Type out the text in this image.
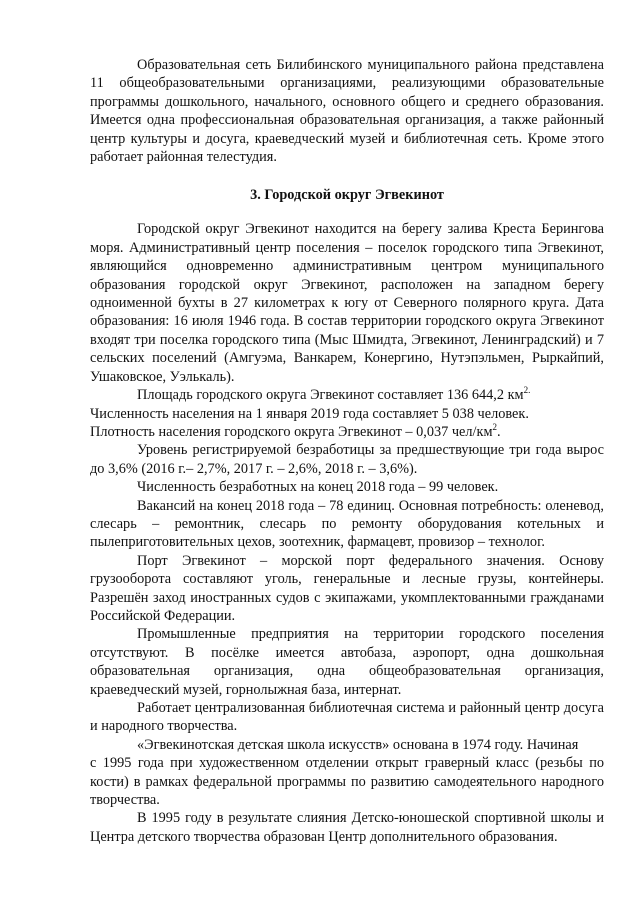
Образовательная сеть Билибинского муниципального района представлена 11 общеобразовательными организациями, реализующими образовательные программы дошкольного, начального, основного общего и среднего образования. Имеется одна профессиональная образовательная организация, а также районный центр культуры и досуга, краеведческий музей и библиотечная сеть. Кроме этого работает районная телестудия.

3. Городской округ Эгвекинот

Городской округ Эгвекинот находится на берегу залива Креста Берингова моря. Административный центр поселения – поселок городского типа Эгвекинот, являющийся одновременно административным центром муниципального образования городской округ Эгвекинот, расположен на западном берегу одноименной бухты в 27 километрах к югу от Северного полярного круга. Дата образования: 16 июля 1946 года. В состав территории городского округа Эгвекинот входят три поселка городского типа (Мыс Шмидта, Эгвекинот, Ленинградский) и 7 сельских поселений (Амгуэма, Ванкарем, Конергино, Нутэпэльмен, Рыркайпий, Ушаковское, Уэлькаль).

Площадь городского округа Эгвекинот составляет 136 644,2 $км^{2.}$

Численность населения на 1 января 2019 года составляет 5 038 человек.

Плотность населения городского округа Эгвекинот – 0,037 чел/$км^2$.

Уровень регистрируемой безработицы за предшествующие три года вырос до 3,6% (2016 г.– 2,7%, 2017 г. – 2,6%, 2018 г. – 3,6%).

Численность безработных на конец 2018 года – 99 человек.

Вакансий на конец 2018 года – 78 единиц. Основная потребность: оленевод, слесарь – ремонтник, слесарь по ремонту оборудования котельных и пылеприготовительных цехов, зоотехник, фармацевт, провизор – технолог.

Порт Эгвекинот – морской порт федерального значения. Основу грузооборота составляют уголь, генеральные и лесные грузы, контейнеры. Разрешён заход иностранных судов с экипажами, укомплектованными гражданами Российской Федерации.

Промышленные предприятия на территории городского поселения отсутствуют. В посёлке имеется автобаза, аэропорт, одна дошкольная образовательная организация, одна общеобразовательная организация, краеведческий музей, горнолыжная база, интернат.

Работает централизованная библиотечная система и районный центр досуга и народного творчества.

«Эгвекинотская детская школа искусств» основана в 1974 году. Начиная

с 1995 года при художественном отделении открыт граверный класс (резьбы по кости) в рамках федеральной программы по развитию самодеятельного народного творчества.

В 1995 году в результате слияния Детско-юношеской спортивной школы и Центра детского творчества образован Центр дополнительного образования.
